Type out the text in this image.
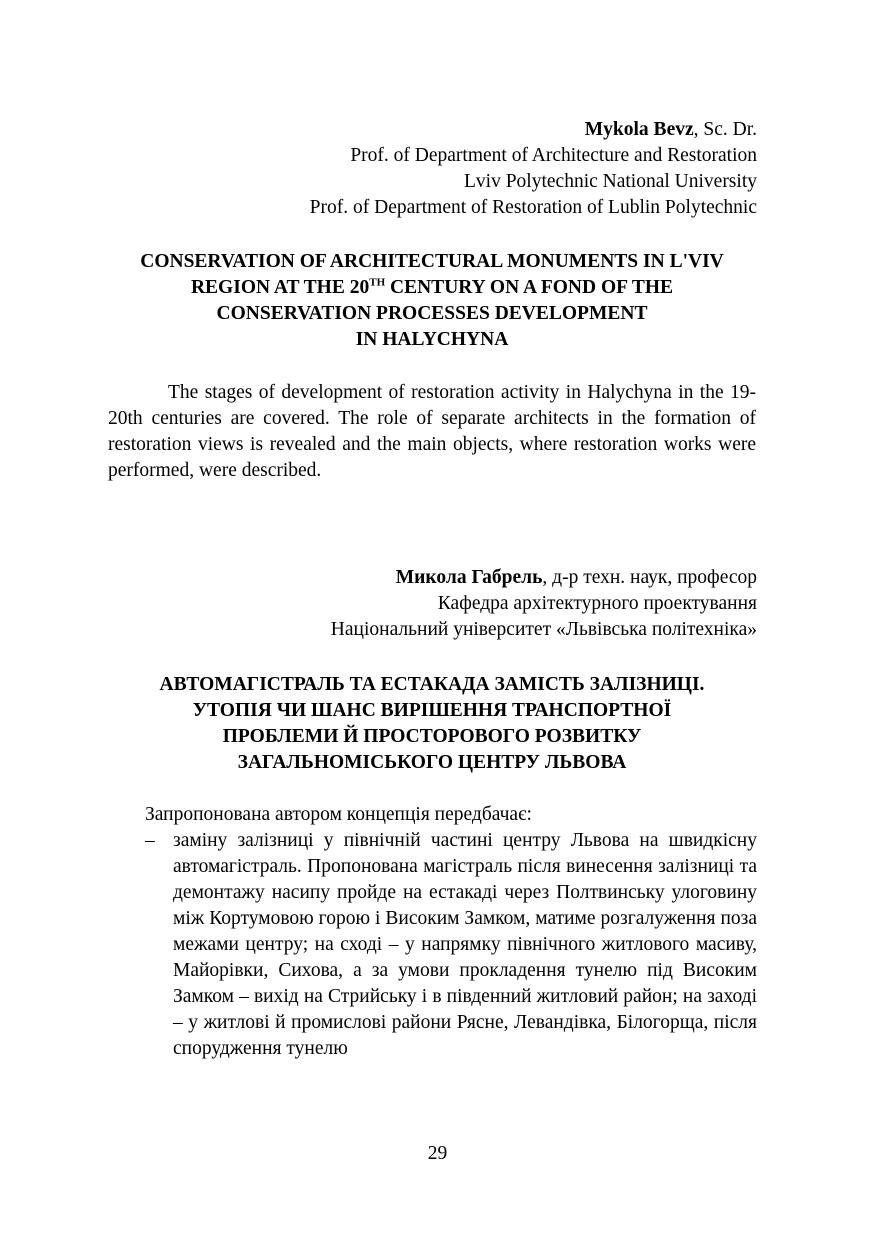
Mykola Bevz, Sc. Dr.
Prof. of Department of Architecture and Restoration
Lviv Polytechnic National University
Prof. of Department of Restoration of Lublin Polytechnic
CONSERVATION OF ARCHITECTURAL MONUMENTS IN L'VIV
REGION AT THE 20TH CENTURY ON A FOND OF THE
CONSERVATION PROCESSES DEVELOPMENT
IN HALYCHYNA
The stages of development of restoration activity in Halychyna in the 19-20th centuries are covered. The role of separate architects in the formation of restoration views is revealed and the main objects, where restoration works were performed, were described.
Микола Габрель, д-р техн. наук, професор
Кафедра архітектурного проектування
Національний університет «Львівська політехніка»
АВТОМАГІСТРАЛЬ ТА ЕСТАКАДА ЗАМІСТЬ ЗАЛІЗНИЦІ.
УТОПІЯ ЧИ ШАНС ВИРІШЕННЯ ТРАНСПОРТНОЇ
ПРОБЛЕМИ Й ПРОСТОРОВОГО РОЗВИТКУ
ЗАГАЛЬНОМІСЬКОГО ЦЕНТРУ ЛЬВОВА
Запропонована автором концепція передбачає:
– заміну залізниці у північній частині центру Львова на швидкісну автомагістраль. Пропонована магістраль після винесення залізниці та демонтажу насипу пройде на естакаді через Полтвинську улоговину між Кортумовою горою і Високим Замком, матиме розгалуження поза межами центру; на сході – у напрямку північного житлового масиву, Майорівки, Сихова, а за умови прокладення тунелю під Високим Замком – вихід на Стрийську і в південний житловий район; на заході – у житлові й промислові райони Рясне, Левандівка, Білогорща, після спорудження тунелю
29
